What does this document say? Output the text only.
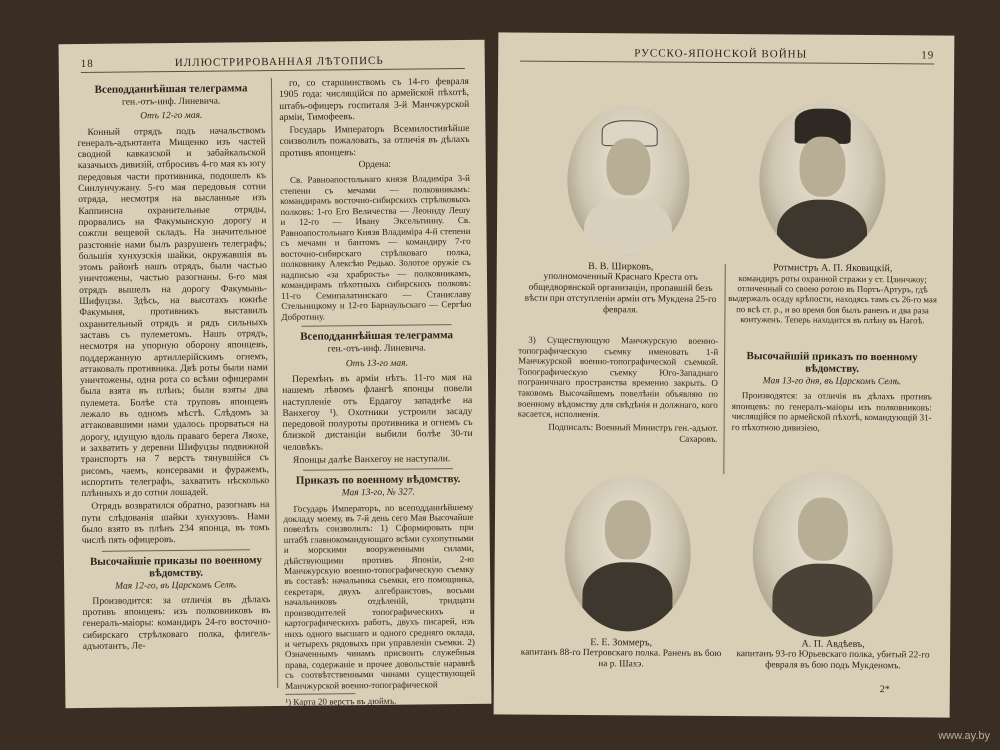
18	ИЛЛЮСТРИРОВАННАЯ ЛѢТОПИСЬ
Всеподданнѣйшая телеграмма
ген.-отъ-инф. Линевича.
Отъ 12-го мая.

Конный отрядъ подъ начальствомъ генералъ-адъютанта Мищенко изъ частей сводной кавказской и забайкальской казачьихъ дивизій, отбросивъ 4-го мая къ югу передовыя части противника, подошелъ къ Синлунчужану. 5-го мая передовыя сотни отряда, несмотря на высланные изъ Каппинсна охранительные отряды, прорвались на Факумынскую дорогу и сожгли вещевой складъ. На значительное разстояніе нами былъ разрушенъ телеграфъ; большія хунхузскія шайки, окружавшія въ этомъ районѣ нашъ отрядъ, были частью уничтожены, частью разогнаны. 6-го мая отрядъ вышелъ на дорогу Факумынь-Шифуцзы. Здѣсь, на высотахъ южнѣе Факумыня, противникъ выставилъ охранительный отрядъ и рядъ сильныхъ заставъ съ пулеметомъ. Нашъ отрядъ, несмотря на упорную оборону японцевъ, поддержанную артиллерійскимъ огнемъ, аттаковалъ противника. Двѣ роты были нами уничтожены, одна рота со всѣми офицерами была взята въ плѣнъ; были взяты два пулемета. Болѣе ста труповъ японцевъ лежало въ одномъ мѣстѣ. Слѣдомъ за аттаковавшими нами удалось прорваться на дорогу, идущую вдоль праваго берега Ляохе, и захватить у деревни Шифуцзы подвижной транспортъ на 7 верстъ тянувшійся съ рисомъ, чаемъ, консервами и фуражемъ, испортить телеграфъ, захватить нѣсколько плѣнныхъ и до сотни лошадей.

Отрядъ возвратился обратно, разогнавъ на пути слѣдованія шайки хунхузовъ. Нами было взято въ плѣнъ 234 японца, въ томъ числѣ пять офицеровъ.

Высочайшіе приказы по военному вѣдомству.
Мая 12-го, въ Царскомъ Селѣ.

Производится: за отличія въ дѣлахъ противъ японцевъ: изъ полковниковъ въ генералъ-маіоры: командиръ 24-го восточно-сибирскаго стрѣлковаго полка, флигель-адъютантъ, Ле-

го, со старшинствомъ съ 14-го февраля 1905 года: числящійся по армейской пѣхотѣ, штабъ-офицеръ госпиталя 3-й Манчжурской арміи, Тимофеевъ.

Государь Императоръ Всемилостивѣйше соизволилъ пожаловать, за отличія въ дѣлахъ противъ японцевъ:

Ордена:

Св. Равноапостольнаго князя Владиміра 3-й степени съ мечами — полковникамъ: командирамъ восточно-сибирскихъ стрѣлковыхъ полковъ: 1-го Его Величества — Леониду Лешу и 12-го — Ивану Эксельтиину. Св. Равноапостольнаго Князя Владиміра 4-й степени съ мечами и бантомъ — командиру 7-го восточно-сибирскаго стрѣлковаго полка, полковнику Алексѣю Редько. Золотое оружіе съ надписью «за храбрость» — полковникамъ, командирамъ пѣхотныхъ сибирскихъ полковъ: 11-го Семипалатинскаго — Станиславу Стельницкому и 12-го Барнаульскаго — Сергѣю Добротину.

Всеподданнѣйшая телеграмма
ген.-отъ-инф. Линевича.
Отъ 13-го мая.

Перемѣнъ въ арміи нѣтъ. 11-го мая на нашемъ лѣвомъ флангѣ японцы повели наступленіе отъ Ердагоу западнѣе на Ванхегоу ¹). Охотники устроили засаду передовой полуроты противника и огнемъ съ близкой дистанціи выбили болѣе 30-ти человѣкъ.

Японцы далѣе Ванхегоу не наступали.

Приказъ по военному вѣдомству.
Мая 13-го, № 327.

Государь Императоръ, по всеподданнѣйшему докладу моему, въ 7-й день сего Мая Высочайше повелѣть соизволилъ: 1) Сформировать при штабѣ главнокомандующаго всѣми сухопутными и морскими вооруженными силами, дѣйствующими противъ Японіи, 2-ю Манчжурскую военно-топографическую съемку въ составѣ: начальника съемки, его помощника, секретаря, двухъ алгебраистовъ, восьми начальниковъ отдѣленій, тридцати производителей топографическихъ и картографическихъ работъ, двухъ писарей, изъ нихъ одного высшаго и одного средняго оклада, и четырехъ рядовыхъ при управленіи съемки. 2) Означеннымъ чинамъ присвоить служебныя права, содержаніе и прочее довольствіе наравнѣ съ соотвѣтственными чинами существующей Манчжурской военно-топографической

¹) Карта 20 верстъ въ дюймъ.
РУССКО-ЯПОНСКОЙ ВОЙНЫ	19
В. В. Ширковъ,
уполномоченный Краснаго Креста отъ общедворянской организаціи, пропавшій безъ вѣсти при отступленіи арміи отъ Мукдена 25-го февраля.
Ротмистръ А. П. Яковицкій,
командиръ роты охранной стражи у ст. Цзинчжоу; отличенный со своею ротою въ Портъ-Артуръ, гдѣ выдержалъ осаду крѣпости, находясь тамъ съ 26-го мая по всѣ ст. р., и во время боя былъ раненъ и два раза контуженъ. Теперь находится въ плѣну въ Нагоѣ.

3) Существующую Манчжурскую военно-топографическую съемку именовать 1-й Манчжурской военно-топографической съемкой. Топографическую съемку Юго-Западнаго пограничнаго пространства временно закрыть. О таковомъ Высочайшемъ повелѣніи объявляю по военному вѣдомству для свѣдѣнія и должнаго, кого касается, исполненія.

Подписалъ: Военный Министръ ген.-адъют. Сахаровъ.
Высочайшій приказъ по военному вѣдомству.
Мая 13-го дня, въ Царскомъ Селѣ.

Производятся: за отличія въ дѣлахъ противъ японцевъ: по генералъ-маіоры изъ полковниковъ: числящійся по армейской пѣхотѣ, командующій 31-го пѣхотною дивизіею,

Е. Е. Зоммеръ,
капитанъ 88-го Петровскаго полка. Раненъ въ бою на р. Шахэ.
А. П. Авдѣевъ,
капитанъ 93-го Юрьевскаго полка, убитый 22-го февраля въ бою подъ Мукденомъ.
2*
www.ay.by
